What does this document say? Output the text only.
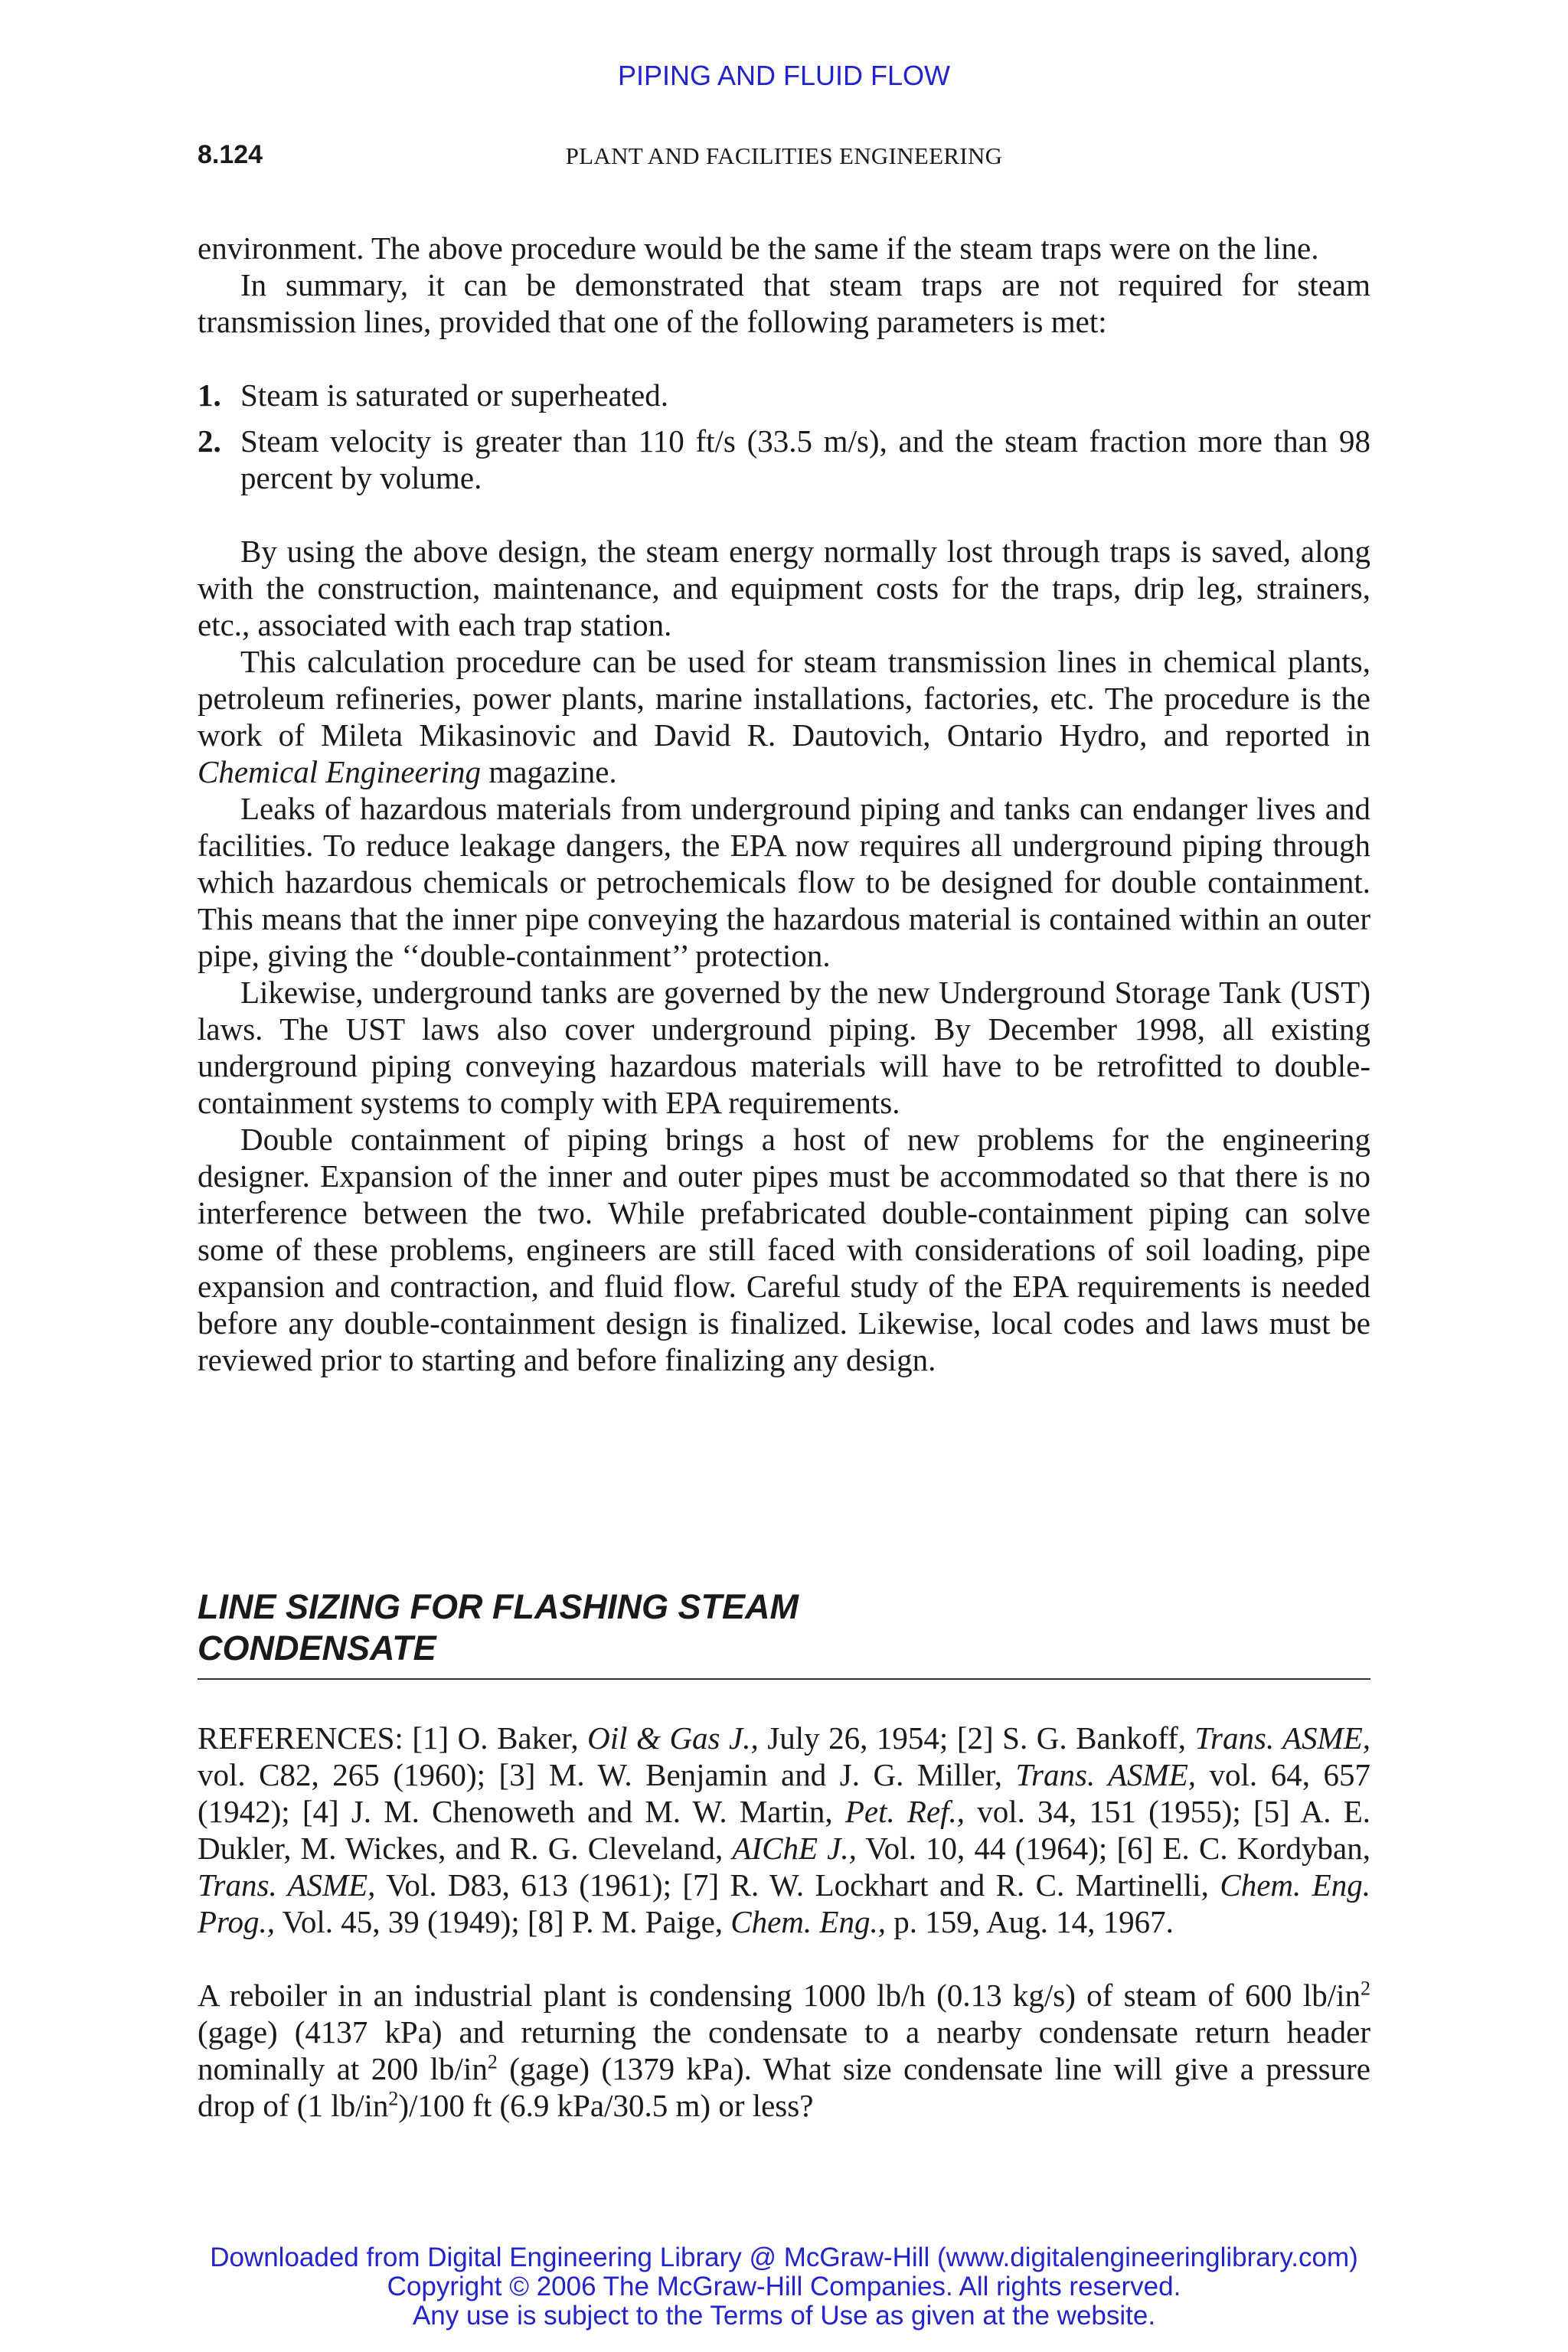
PIPING AND FLUID FLOW
8.124	PLANT AND FACILITIES ENGINEERING

environment. The above procedure would be the same if the steam traps were on the line.

In summary, it can be demonstrated that steam traps are not required for steam transmission lines, provided that one of the following parameters is met:

1. Steam is saturated or superheated.
2. Steam velocity is greater than 110 ft/s (33.5 m/s), and the steam fraction more than 98 percent by volume.

By using the above design, the steam energy normally lost through traps is saved, along with the construction, maintenance, and equipment costs for the traps, drip leg, strainers, etc., associated with each trap station.

This calculation procedure can be used for steam transmission lines in chemical plants, petroleum refineries, power plants, marine installations, factories, etc. The procedure is the work of Mileta Mikasinovic and David R. Dautovich, Ontario Hydro, and reported in Chemical Engineering magazine.

Leaks of hazardous materials from underground piping and tanks can endanger lives and facilities. To reduce leakage dangers, the EPA now requires all underground piping through which hazardous chemicals or petrochemicals flow to be designed for double containment. This means that the inner pipe conveying the hazardous material is contained within an outer pipe, giving the ‘‘double-containment’’ protection.

Likewise, underground tanks are governed by the new Underground Storage Tank (UST) laws. The UST laws also cover underground piping. By December 1998, all existing underground piping conveying hazardous materials will have to be retrofitted to double-containment systems to comply with EPA requirements.

Double containment of piping brings a host of new problems for the engineering designer. Expansion of the inner and outer pipes must be accommodated so that there is no interference between the two. While prefabricated double-containment piping can solve some of these problems, engineers are still faced with considerations of soil loading, pipe expansion and contraction, and fluid flow. Careful study of the EPA requirements is needed before any double-containment design is finalized. Likewise, local codes and laws must be reviewed prior to starting and before finalizing any design.

LINE SIZING FOR FLASHING STEAM
CONDENSATE

REFERENCES: [1] O. Baker, Oil & Gas J., July 26, 1954; [2] S. G. Bankoff, Trans. ASME, vol. C82, 265 (1960); [3] M. W. Benjamin and J. G. Miller, Trans. ASME, vol. 64, 657 (1942); [4] J. M. Chenoweth and M. W. Martin, Pet. Ref., vol. 34, 151 (1955); [5] A. E. Dukler, M. Wickes, and R. G. Cleveland, AIChE J., Vol. 10, 44 (1964); [6] E. C. Kordyban, Trans. ASME, Vol. D83, 613 (1961); [7] R. W. Lockhart and R. C. Martinelli, Chem. Eng. Prog., Vol. 45, 39 (1949); [8] P. M. Paige, Chem. Eng., p. 159, Aug. 14, 1967.

A reboiler in an industrial plant is condensing 1000 lb/h (0.13 kg/s) of steam of 600 $lb/in^2$ (gage) (4137 kPa) and returning the condensate to a nearby condensate return header nominally at 200 $lb/in^2$ (gage) (1379 kPa). What size condensate line will give a pressure drop of (1 $lb/in^2)/100$ ft (6.9 kPa/30.5 m) or less?

Downloaded from Digital Engineering Library @ McGraw-Hill (www.digitalengineeringlibrary.com)
Copyright © 2006 The McGraw-Hill Companies. All rights reserved.
Any use is subject to the Terms of Use as given at the website.
